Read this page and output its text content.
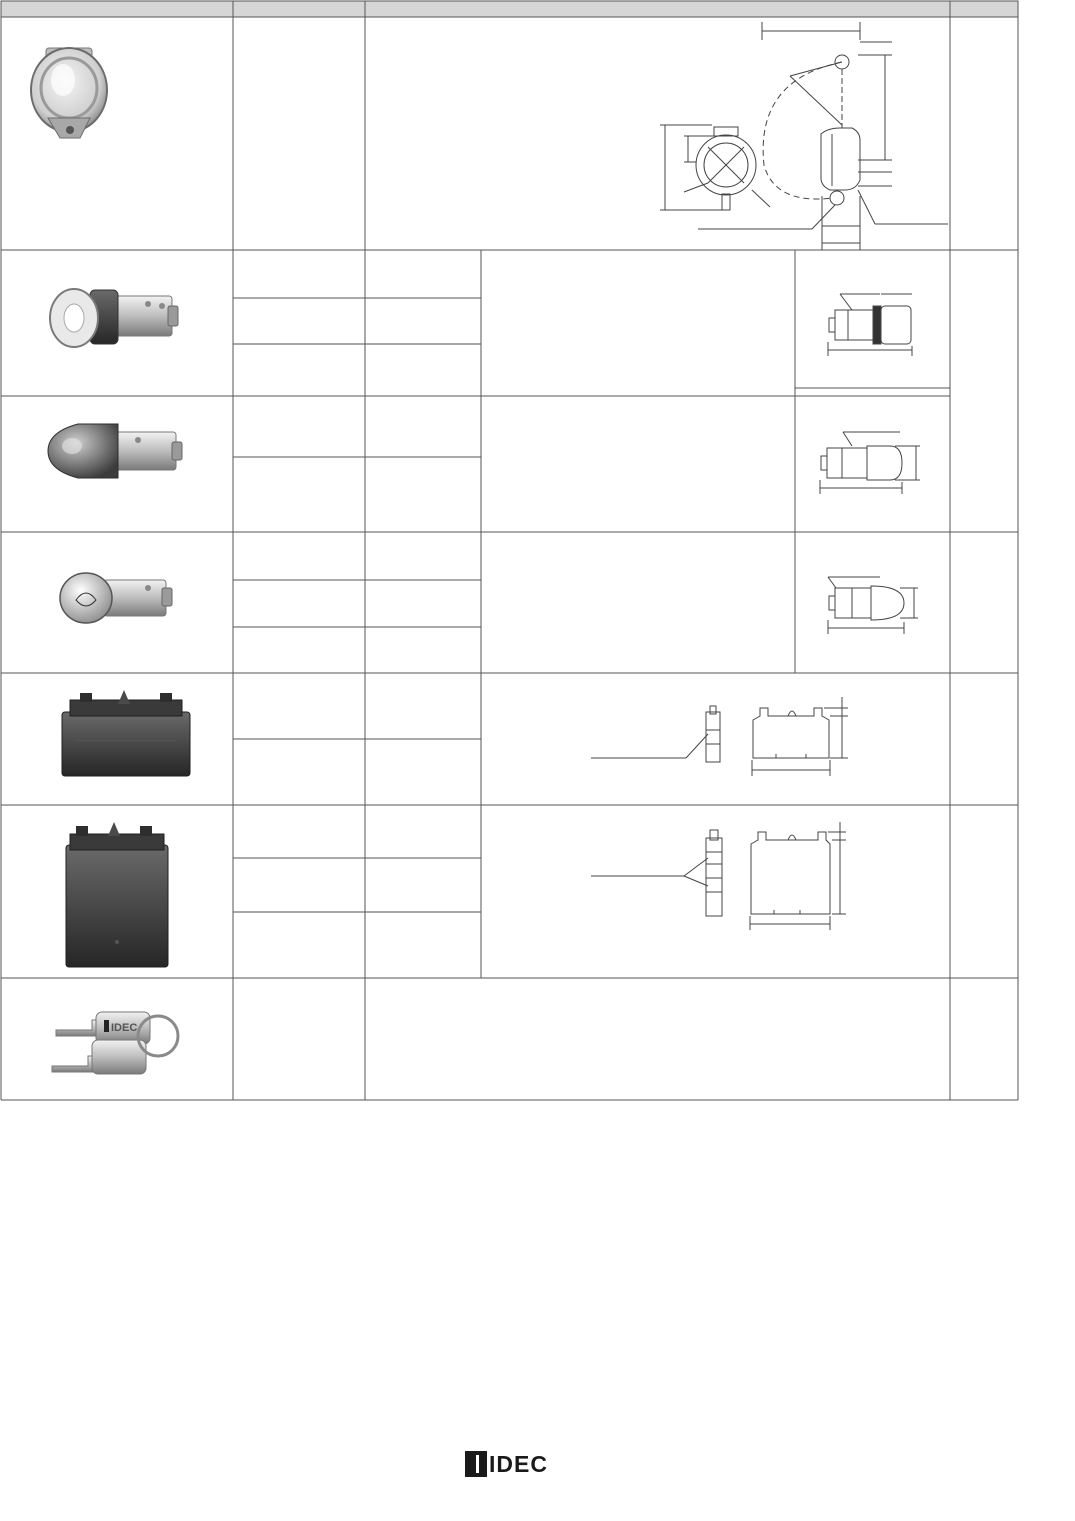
IDEC
IDEC
